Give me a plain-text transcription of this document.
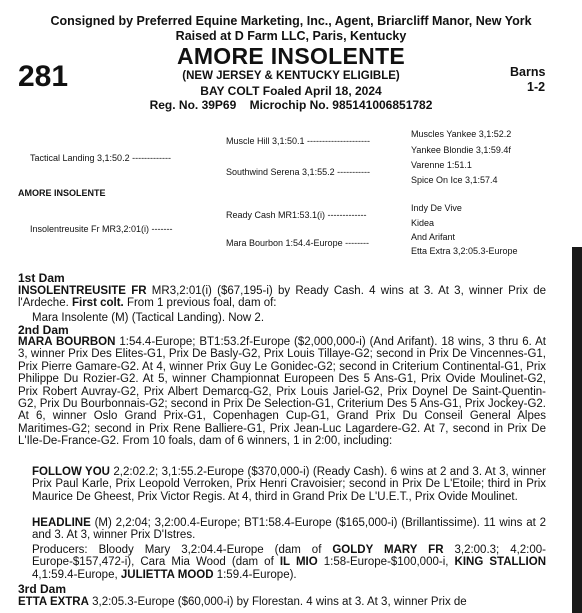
Consigned by Preferred Equine Marketing, Inc., Agent, Briarcliff Manor, New York
Raised at D Farm LLC, Paris, Kentucky
281
AMORE INSOLENTE
(NEW JERSEY & KENTUCKY ELIGIBLE)
BAY COLT Foaled April 18, 2024
Reg. No. 39P69    Microchip No. 985141006851782
Barns
1-2
Muscle Hill 3,1:50.1 ---------------------
Tactical Landing 3,1:50.2 -------------
Southwind Serena 3,1:55.2 -----------
Muscles Yankee 3,1:52.2
Yankee Blondie 3,1:59.4f
Varenne 1:51.1
Spice On Ice 3,1:57.4
AMORE INSOLENTE
Ready Cash MR1:53.1(i) -------------
Insolentreusite Fr MR3,2:01(i) -------
Mara Bourbon 1:54.4-Europe --------
Indy De Vive
Kidea
And Arifant
Etta Extra 3,2:05.3-Europe
1st Dam
INSOLENTREUSITE FR MR3,2:01(i) ($67,195-i) by Ready Cash. 4 wins at 3. At 3, winner Prix de l'Ardeche. First colt. From 1 previous foal, dam of:
Mara Insolente (M) (Tactical Landing). Now 2.
2nd Dam
MARA BOURBON 1:54.4-Europe; BT1:53.2f-Europe ($2,000,000-i) (And Arifant). 18 wins, 3 thru 6. At 3, winner Prix Des Elites-G1, Prix De Basly-G2, Prix Louis Tillaye-G2; second in Prix De Vincennes-G1, Prix Pierre Gamare-G2. At 4, winner Prix Guy Le Gonidec-G2; second in Criterium Continental-G1, Prix Philippe Du Rozier-G2. At 5, winner Championnat Europeen Des 5 Ans-G1, Prix Ovide Moulinet-G2, Prix Robert Auvray-G2, Prix Albert Demarcq-G2, Prix Louis Jariel-G2, Prix Doynel De Saint-Quentin-G2, Prix Du Bourbonnais-G2; second in Prix De Selection-G1, Criterium Des 5 Ans-G1, Prix Jockey-G2. At 6, winner Oslo Grand Prix-G1, Copenhagen Cup-G1, Grand Prix Du Conseil General Alpes Maritimes-G2; second in Prix Rene Balliere-G1, Prix Jean-Luc Lagardere-G2. At 7, second in Prix De L'Ile-De-France-G2. From 10 foals, dam of 6 winners, 1 in 2:00, including:
FOLLOW YOU 2,2:02.2; 3,1:55.2-Europe ($370,000-i) (Ready Cash). 6 wins at 2 and 3. At 3, winner Prix Paul Karle, Prix Leopold Verroken, Prix Henri Cravoisier; second in Prix De L'Etoile; third in Prix Maurice De Gheest, Prix Victor Regis. At 4, third in Grand Prix De L'U.E.T., Prix Ovide Moulinet.
HEADLINE (M) 2,2:04; 3,2:00.4-Europe; BT1:58.4-Europe ($165,000-i) (Brillantissime). 11 wins at 2 and 3. At 3, winner Prix D'Istres.
Producers: Bloody Mary 3,2:04.4-Europe (dam of GOLDY MARY FR 3,2:00.3; 4,2:00-Europe-$157,472-i), Cara Mia Wood (dam of IL MIO 1:58-Europe-$100,000-i, KING STALLION 4,1:59.4-Europe, JULIETTA MOOD 1:59.4-Europe).
3rd Dam
ETTA EXTRA 3,2:05.3-Europe ($60,000-i) by Florestan. 4 wins at 3. At 3, winner Prix de
